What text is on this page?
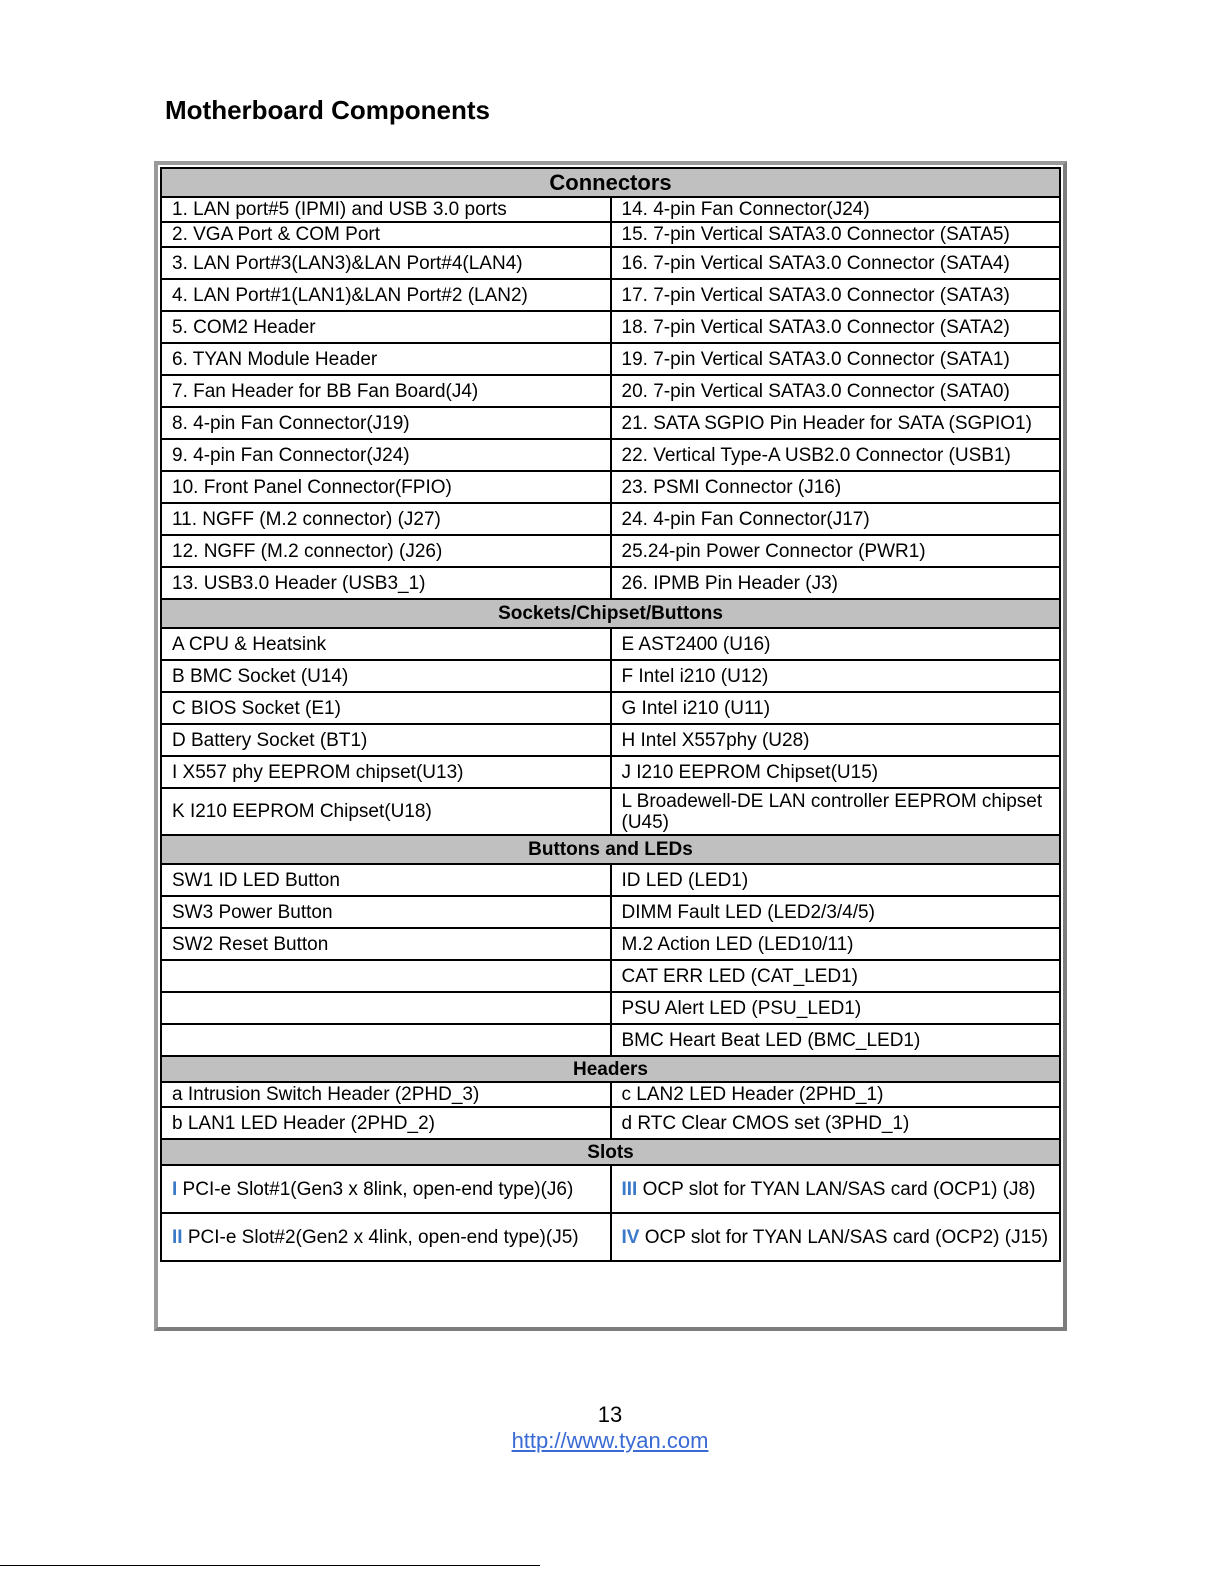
Motherboard Components
Connectors	
1. LAN port#5 (IPMI) and USB 3.0 ports	14. 4-pin Fan Connector(J24)
2. VGA Port & COM Port	15. 7-pin Vertical SATA3.0 Connector (SATA5)
3. LAN Port#3(LAN3)&LAN Port#4(LAN4)	16. 7-pin Vertical SATA3.0 Connector (SATA4)
4. LAN Port#1(LAN1)&LAN Port#2 (LAN2)	17. 7-pin Vertical SATA3.0 Connector (SATA3)
5. COM2 Header	18. 7-pin Vertical SATA3.0 Connector (SATA2)
6. TYAN Module Header	19. 7-pin Vertical SATA3.0 Connector (SATA1)
7. Fan Header for BB Fan Board(J4)	20. 7-pin Vertical SATA3.0 Connector (SATA0)
8. 4-pin Fan Connector(J19)	21. SATA SGPIO Pin Header for SATA (SGPIO1)
9. 4-pin Fan Connector(J24)	22. Vertical Type-A USB2.0 Connector (USB1)
10. Front Panel Connector(FPIO)	23. PSMI Connector (J16)
11. NGFF (M.2 connector) (J27)	24. 4-pin Fan Connector(J17)
12. NGFF (M.2 connector) (J26)	25.24-pin Power Connector (PWR1)
13. USB3.0 Header (USB3_1)	26. IPMB Pin Header (J3)
Sockets/Chipset/Buttons	
A CPU & Heatsink	E AST2400 (U16)
B BMC Socket (U14)	F Intel i210 (U12)
C BIOS Socket (E1)	G Intel i210 (U11)
D Battery Socket (BT1)	H Intel X557phy (U28)
I X557 phy EEPROM chipset(U13)	J I210 EEPROM Chipset(U15)
K I210 EEPROM Chipset(U18)	L Broadewell-DE LAN controller EEPROM chipset (U45)
Buttons and LEDs	
SW1 ID LED Button	ID LED (LED1)
SW3 Power Button	DIMM Fault LED (LED2/3/4/5)
SW2 Reset Button	M.2 Action LED (LED10/11)
	CAT ERR LED (CAT_LED1)
	PSU Alert LED (PSU_LED1)
	BMC Heart Beat LED (BMC_LED1)
Headers	
a Intrusion Switch Header (2PHD_3)	c LAN2 LED Header (2PHD_1)
b LAN1 LED Header (2PHD_2)	d RTC Clear CMOS set (3PHD_1)
Slots	
I PCI-e Slot#1(Gen3 x 8link, open-end type)(J6)	III OCP slot for TYAN LAN/SAS card (OCP1) (J8)
II PCI-e Slot#2(Gen2 x 4link, open-end type)(J5)	IV OCP slot for TYAN LAN/SAS card (OCP2) (J15)
13
http://www.tyan.com
